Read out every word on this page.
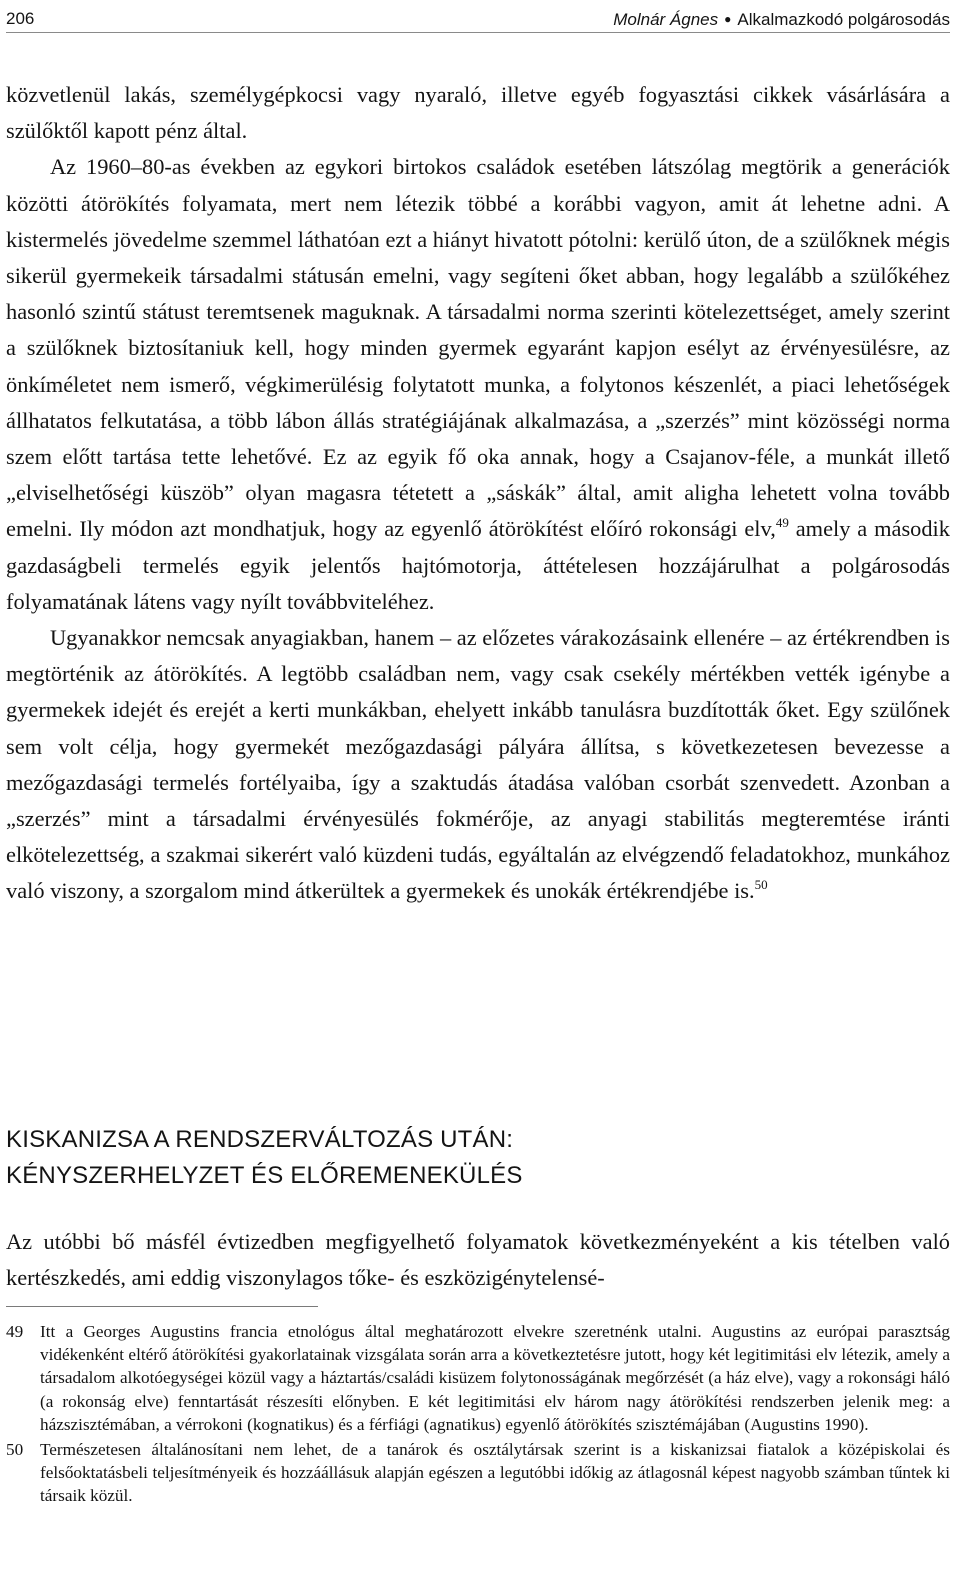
206	Molnár Ágnes ● Alkalmazkodó polgárosodás

közvetlenül lakás, személygépkocsi vagy nyaraló, illetve egyéb fogyasztási cikkek vásárlására a szülőktől kapott pénz által.

Az 1960–80-as években az egykori birtokos családok esetében látszólag megtörik a generációk közötti átörökítés folyamata, mert nem létezik többé a korábbi vagyon, amit át lehetne adni. A kistermelés jövedelme szemmel láthatóan ezt a hiányt hivatott pótolni: kerülő úton, de a szülőknek mégis sikerül gyermekeik társadalmi státusán emelni, vagy segíteni őket abban, hogy legalább a szülőkéhez hasonló szintű státust teremtsenek maguknak. A társadalmi norma szerinti kötelezettséget, amely szerint a szülőknek biztosítaniuk kell, hogy minden gyermek egyaránt kapjon esélyt az érvényesülésre, az önkíméletet nem ismerő, végkimerülésig folytatott munka, a folytonos készenlét, a piaci lehetőségek állhatatos felkutatása, a több lábon állás stratégiájának alkalmazása, a „szerzés” mint közösségi norma szem előtt tartása tette lehetővé. Ez az egyik fő oka annak, hogy a Csajanov-féle, a munkát illető „elviselhetőségi küszöb” olyan magasra tétetett a „sáskák” által, amit aligha lehetett volna tovább emelni. Ily módon azt mondhatjuk, hogy az egyenlő átörökítést előíró rokonsági elv,$^{49}$ amely a második gazdaságbeli termelés egyik jelentős hajtómotorja, áttételesen hozzájárulhat a polgárosodás folyamatának látens vagy nyílt továbbviteléhez.

Ugyanakkor nemcsak anyagiakban, hanem – az előzetes várakozásaink ellenére – az értékrendben is megtörténik az átörökítés. A legtöbb családban nem, vagy csak csekély mértékben vették igénybe a gyermekek idejét és erejét a kerti munkákban, ehelyett inkább tanulásra buzdították őket. Egy szülőnek sem volt célja, hogy gyermekét mezőgazdasági pályára állítsa, s következetesen bevezesse a mezőgazdasági termelés fortélyaiba, így a szaktudás átadása valóban csorbát szenvedett. Azonban a „szerzés” mint a társadalmi érvényesülés fokmérője, az anyagi stabilitás megteremtése iránti elkötelezettség, a szakmai sikerért való küzdeni tudás, egyáltalán az elvégzendő feladatokhoz, munkához való viszony, a szorgalom mind átkerültek a gyermekek és unokák értékrendjébe is.$^{50}$

KISKANIZSA A RENDSZERVÁLTOZÁS UTÁN:
KÉNYSZERHELYZET ÉS ELŐREMENEKÜLÉS

Az utóbbi bő másfél évtizedben megfigyelhető folyamatok következményeként a kis tételben való kertészkedés, ami eddig viszonylagos tőke- és eszközigénytelensé-

49 Itt a Georges Augustins francia etnológus által meghatározott elvekre szeretnénk utalni. Augustins az európai parasztság vidékenként eltérő átörökítési gyakorlatainak vizsgálata során arra a következtetésre jutott, hogy két legitimitási elv létezik, amely a társadalom alkotóegységei közül vagy a háztartás/családi kisüzem folytonosságának megőrzését (a ház elve), vagy a rokonsági háló (a rokonság elve) fenntartását részesíti előnyben. E két legitimitási elv három nagy átörökítési rendszerben jelenik meg: a házszisztémában, a vérrokoni (kognatikus) és a férfiági (agnatikus) egyenlő átörökítés szisztémájában (Augustins 1990).
50 Természetesen általánosítani nem lehet, de a tanárok és osztálytársak szerint is a kiskanizsai fiatalok a középiskolai és felsőoktatásbeli teljesítményeik és hozzáállásuk alapján egészen a legutóbbi időkig az átlagosnál képest nagyobb számban tűntek ki társaik közül.
